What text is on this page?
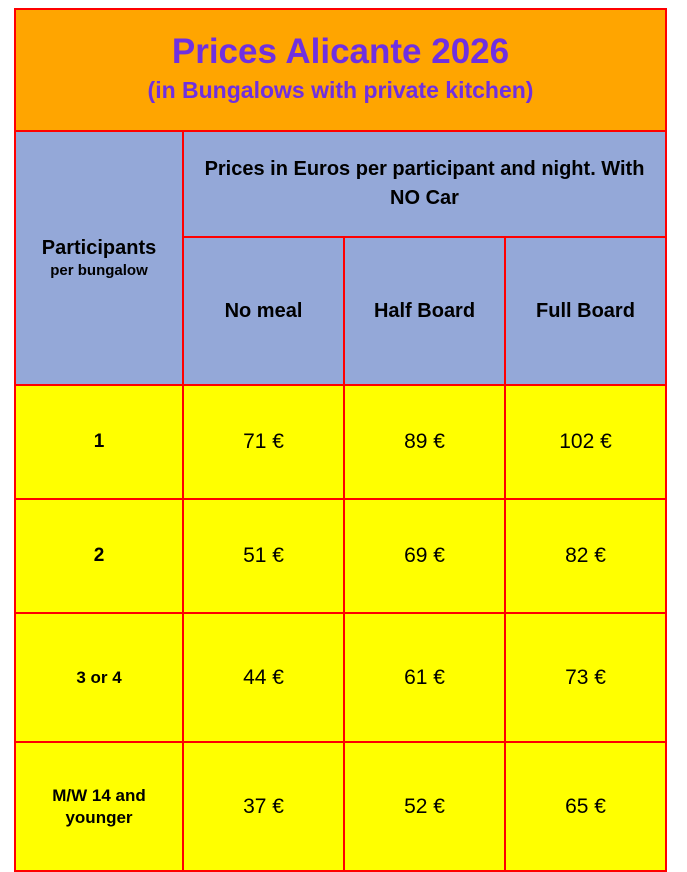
Prices Alicante 2026
(in Bungalows with private kitchen)			

Participants
per bungalow	Prices in Euros per participant and night. With NO Car		
	No meal	Half Board	Full Board
1	71 €	89 €	102 €
2	51 €	69 €	82 €
3 or 4	44 €	61 €	73 €
M/W 14 and younger	37 €	52 €	65 €
